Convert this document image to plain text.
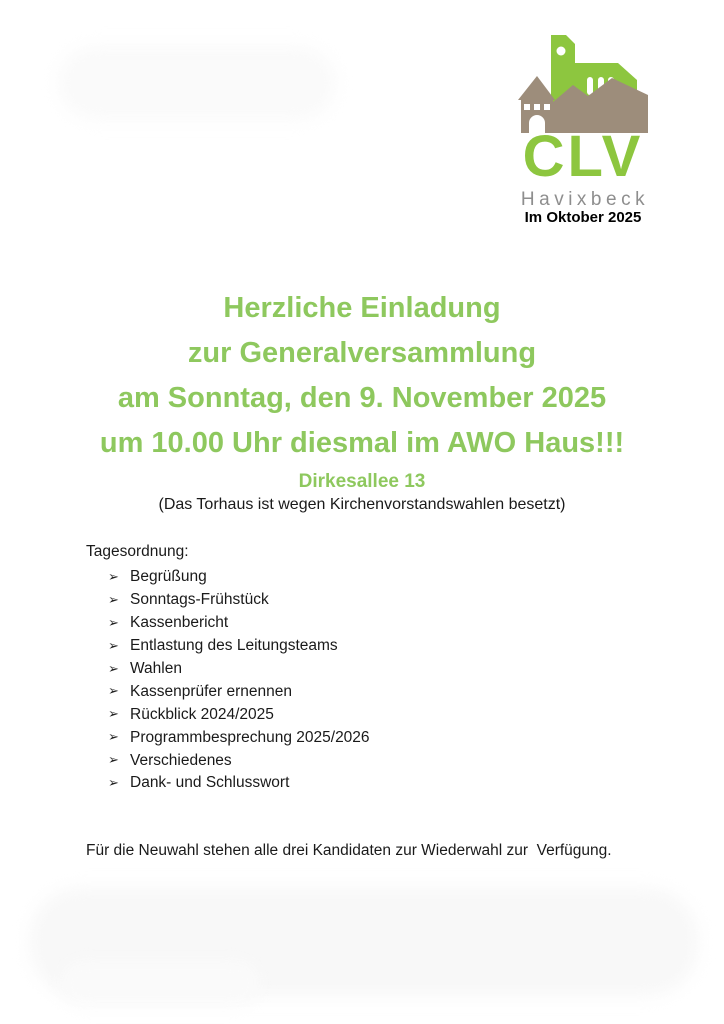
CLV
Havixbeck
Im Oktober 2025
Herzliche Einladung
zur Generalversammlung
am Sonntag, den 9. November 2025
um 10.00 Uhr diesmal im AWO Haus!!!
Dirkesallee 13
(Das Torhaus ist wegen Kirchenvorstandswahlen besetzt)
Tagesordnung:
➢ Begrüßung
➢ Sonntags-Frühstück
➢ Kassenbericht
➢ Entlastung des Leitungsteams
➢ Wahlen
➢ Kassenprüfer ernennen
➢ Rückblick 2024/2025
➢ Programmbesprechung 2025/2026
➢ Verschiedenes
➢ Dank- und Schlusswort
Für die Neuwahl stehen alle drei Kandidaten zur Wiederwahl zur  Verfügung.
